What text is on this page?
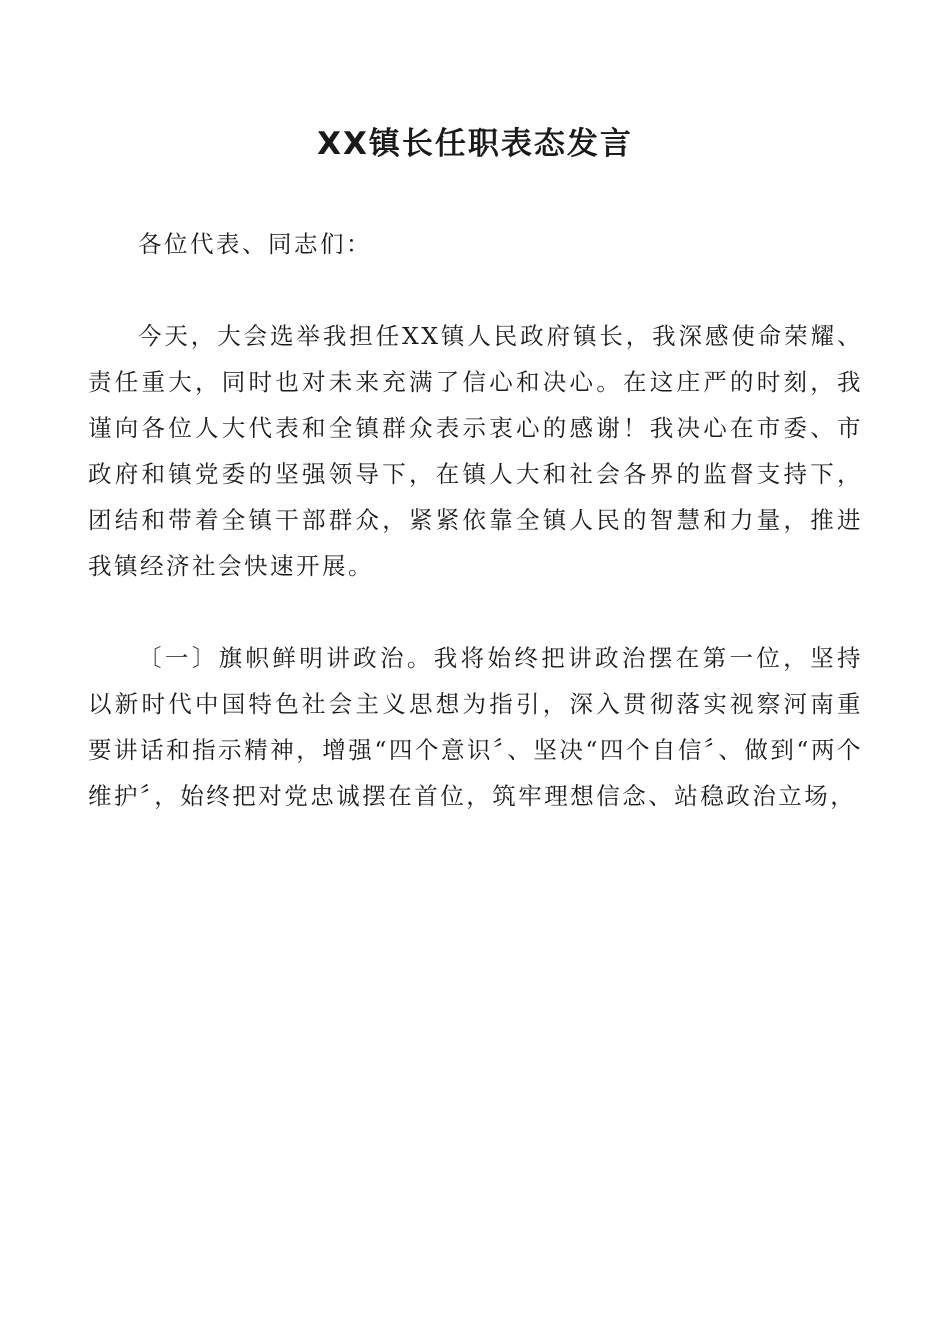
XX镇长任职表态发言

各位代表、同志们：

今天，大会选举我担任XX镇人民政府镇长，我深感使命荣耀、责任重大，同时也对未来充满了信心和决心。在这庄严的时刻，我谨向各位人大代表和全镇群众表示衷心的感谢！我决心在市委、市政府和镇党委的坚强领导下，在镇人大和社会各界的监督支持下，团结和带着全镇干部群众，紧紧依靠全镇人民的智慧和力量，推进我镇经济社会快速开展。

〔一〕旗帜鲜明讲政治。我将始终把讲政治摆在第一位，坚持以新时代中国特色社会主义思想为指引，深入贯彻落实视察河南重要讲话和指示精神，增强“四个意识〞、坚决“四个自信〞、做到“两个维护〞，始终把对党忠诚摆在首位，筑牢理想信念、站稳政治立场，
